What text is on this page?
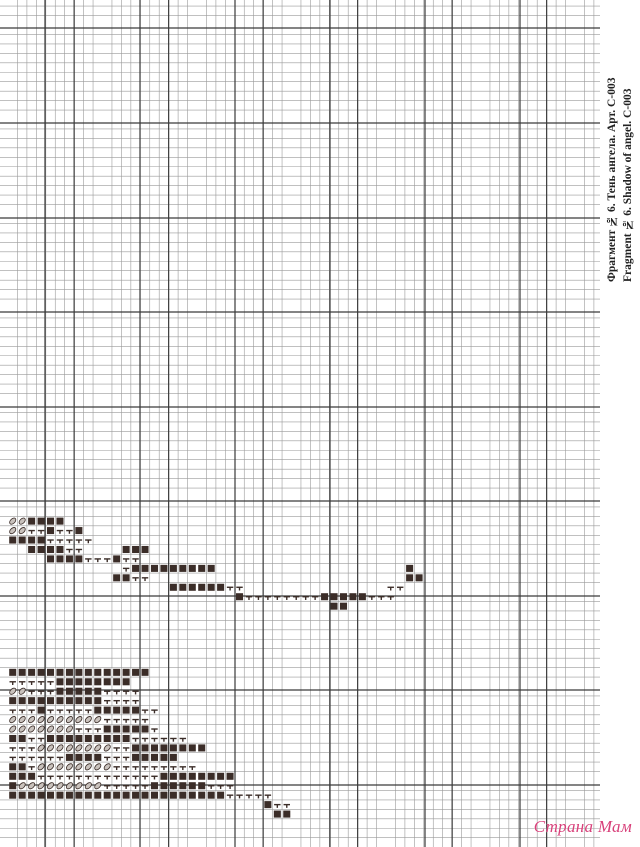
Фрагмент № 6. Тень ангела. Арт. С-003 Fragment № 6. Shadow of angel. C-003
Страна Мам
